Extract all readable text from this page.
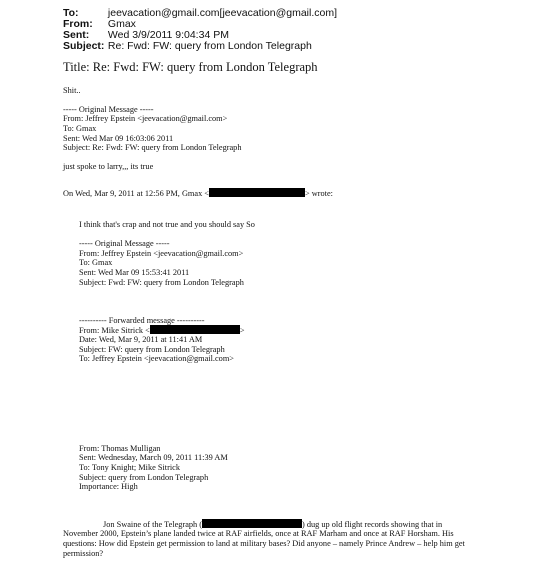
To:	jeevacation@gmail.com[jeevacation@gmail.com]
From: Gmax
Sent: Wed 3/9/2011 9:04:34 PM
Subject: Re: Fwd: FW: query from London Telegraph
Title: Re: Fwd: FW: query from London Telegraph
Shit..
----- Original Message -----
From: Jeffrey Epstein <jeevacation@gmail.com>
To: Gmax
Sent: Wed Mar 09 16:03:06 2011
Subject: Re: Fwd: FW: query from London Telegraph
just spoke to larry,,, its true
On Wed, Mar 9, 2011 at 12:56 PM, Gmax <	> wrote:
I think that's crap and not true and you should say So
----- Original Message -----
From: Jeffrey Epstein <jeevacation@gmail.com>
To: Gmax
Sent: Wed Mar 09 15:53:41 2011
Subject: Fwd: FW: query from London Telegraph
---------- Forwarded message ----------
From: Mike Sitrick <	>
Date: Wed, Mar 9, 2011 at 11:41 AM
Subject: FW: query from London Telegraph
To: Jeffrey Epstein <jeevacation@gmail.com>
From: Thomas Mulligan
Sent: Wednesday, March 09, 2011 11:39 AM
To: Tony Knight; Mike Sitrick
Subject: query from London Telegraph
Importance: High
Jon Swaine of the Telegraph (	) dug up old flight records showing that in
November 2000, Epstein’s plane landed twice at RAF airfields, once at RAF Marham and once at RAF Horsham. His
questions: How did Epstein get permission to land at military bases? Did anyone – namely Prince Andrew – help him get
permission?
